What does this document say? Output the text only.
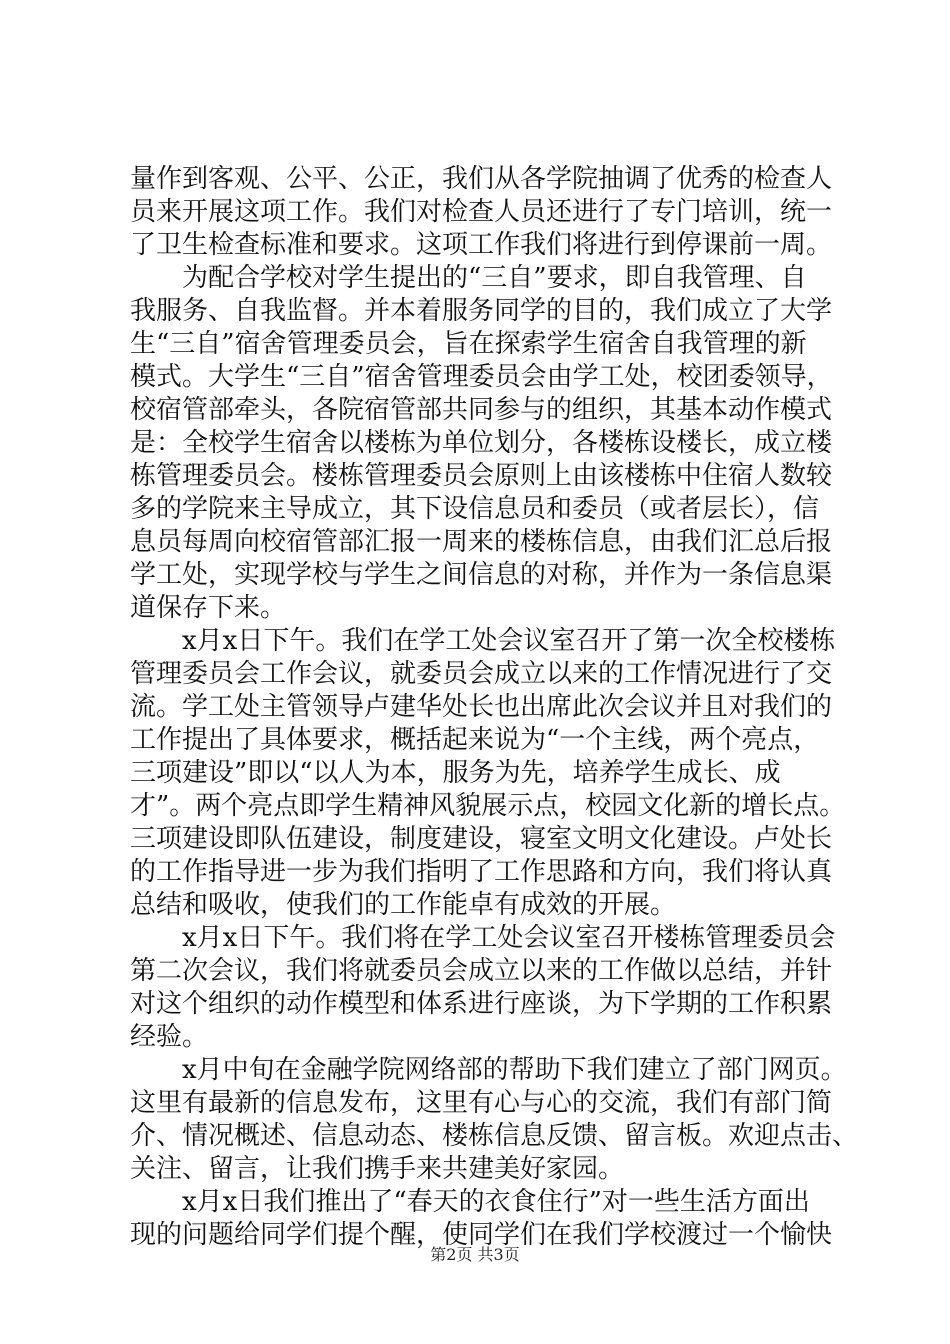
量作到客观、公平、公正，我们从各学院抽调了优秀的检查人
员来开展这项工作。我们对检查人员还进行了专门培训，统一
了卫生检查标准和要求。这项工作我们将进行到停课前一周。
　　为配合学校对学生提出的“三自”要求，即自我管理、自
我服务、自我监督。并本着服务同学的目的，我们成立了大学
生“三自”宿舍管理委员会，旨在探索学生宿舍自我管理的新
模式。大学生“三自”宿舍管理委员会由学工处，校团委领导，
校宿管部牵头，各院宿管部共同参与的组织，其基本动作模式
是：全校学生宿舍以楼栋为单位划分，各楼栋设楼长，成立楼
栋管理委员会。楼栋管理委员会原则上由该楼栋中住宿人数较
多的学院来主导成立，其下设信息员和委员（或者层长），信
息员每周向校宿管部汇报一周来的楼栋信息，由我们汇总后报
学工处，实现学校与学生之间信息的对称，并作为一条信息渠
道保存下来。
　　x月x日下午。我们在学工处会议室召开了第一次全校楼栋
管理委员会工作会议，就委员会成立以来的工作情况进行了交
流。学工处主管领导卢建华处长也出席此次会议并且对我们的
工作提出了具体要求，概括起来说为“一个主线，两个亮点，
三项建设”即以“以人为本，服务为先，培养学生成长、成
才”。两个亮点即学生精神风貌展示点，校园文化新的增长点。
三项建设即队伍建设，制度建设，寝室文明文化建设。卢处长
的工作指导进一步为我们指明了工作思路和方向，我们将认真
总结和吸收，使我们的工作能卓有成效的开展。
　　x月x日下午。我们将在学工处会议室召开楼栋管理委员会
第二次会议，我们将就委员会成立以来的工作做以总结，并针
对这个组织的动作模型和体系进行座谈，为下学期的工作积累
经验。
　　x月中旬在金融学院网络部的帮助下我们建立了部门网页。
这里有最新的信息发布，这里有心与心的交流，我们有部门简
介、情况概述、信息动态、楼栋信息反馈、留言板。欢迎点击、
关注、留言，让我们携手来共建美好家园。
　　x月x日我们推出了“春天的衣食住行”对一些生活方面出
现的问题给同学们提个醒，使同学们在我们学校渡过一个愉快
第2页 共3页
